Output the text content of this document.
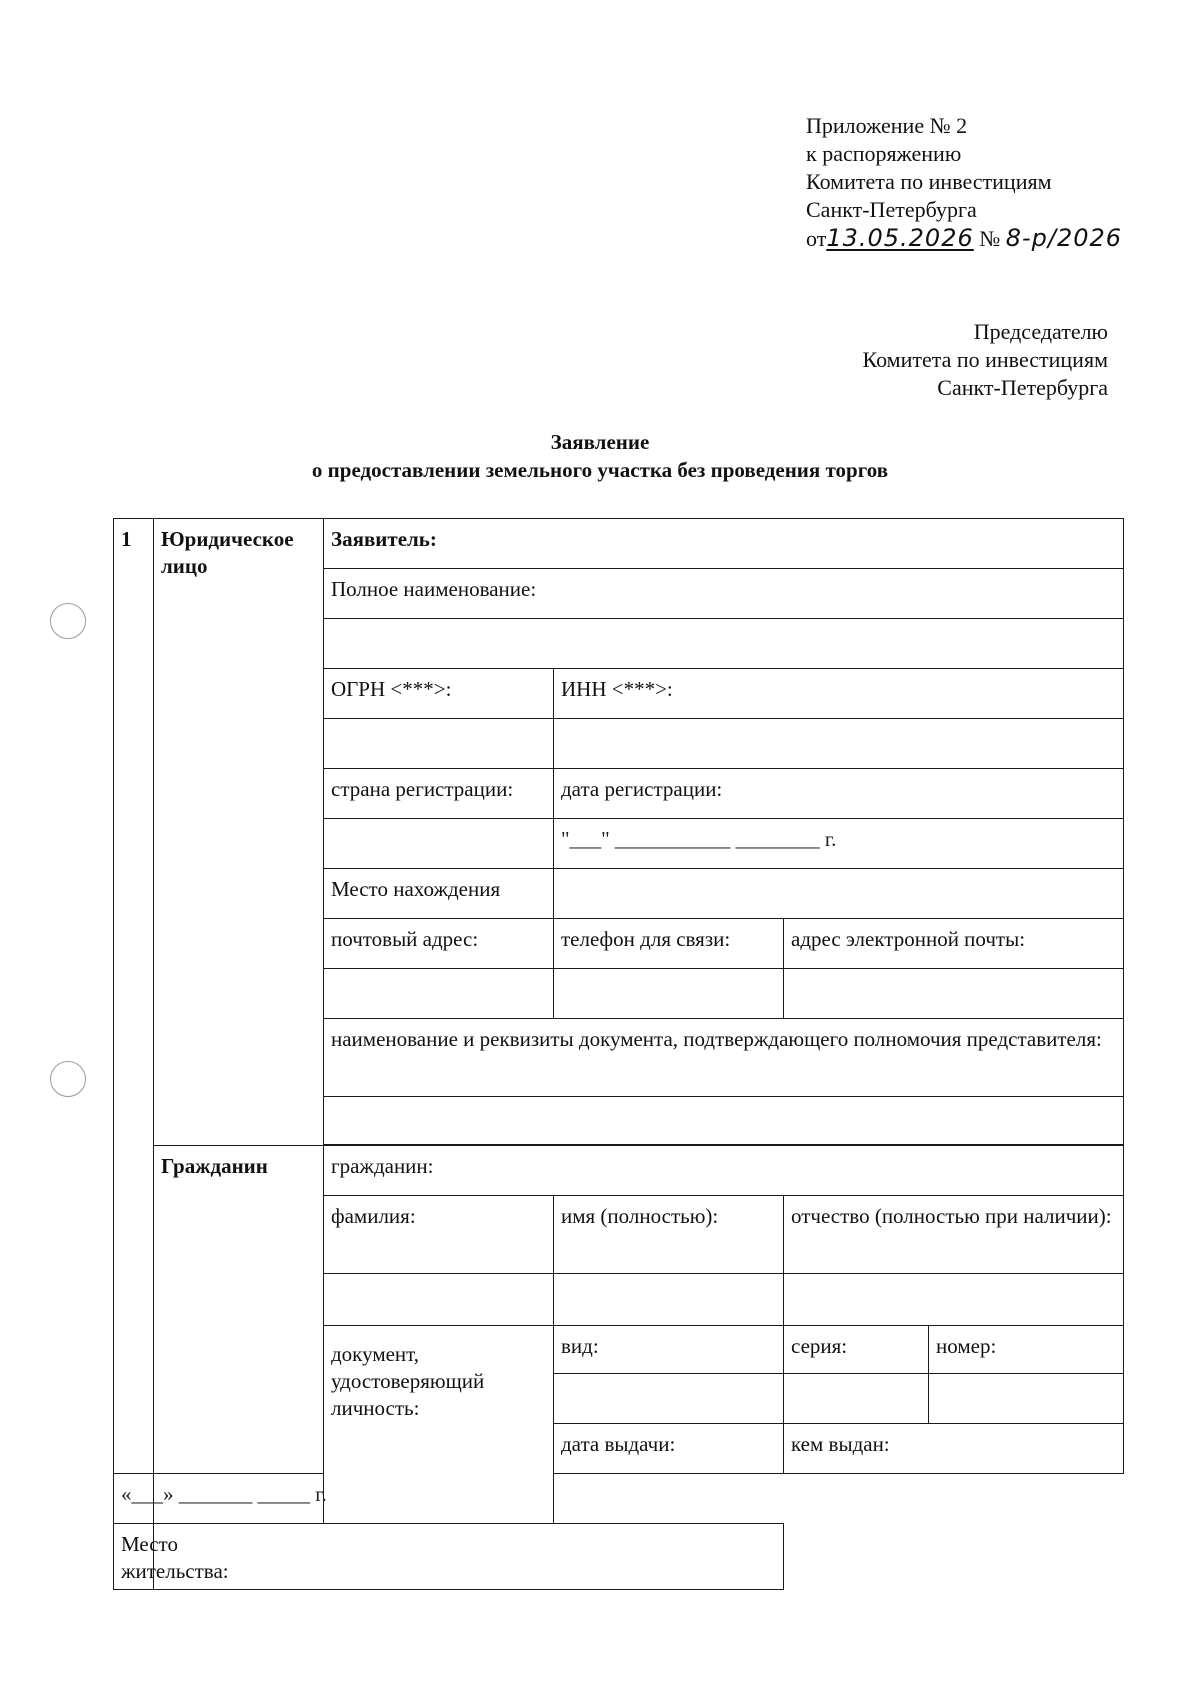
Приложение № 2
к распоряжению
Комитета по инвестициям
Санкт-Петербурга
от13.05.2026 № 8-р/2026
Председателю
Комитета по инвестициям
Санкт-Петербурга
Заявление
о предоставлении земельного участка без проведения торгов
1	Юридическое лицо	Заявитель:			
		Полное наименование:			

		ОГРН <***>:	ИНН <***>:		

		страна регистрации:	дата регистрации:		
			"___" ___________ ________ г.		
		Место нахождения			
		почтовый адрес:	телефон для связи:	адрес электронной почты:	

		наименование и реквизиты документа, подтверждающего полномочия представителя:			

	Гражданин	гражданин:			
		фамилия:	имя (полностью):	отчество (полностью при наличии):	

		документ, удостоверяющий личность:	вид:	серия:	номер:

			дата выдачи:	кем выдан:	
«___» _______ _____ г.					
Место жительства:					
